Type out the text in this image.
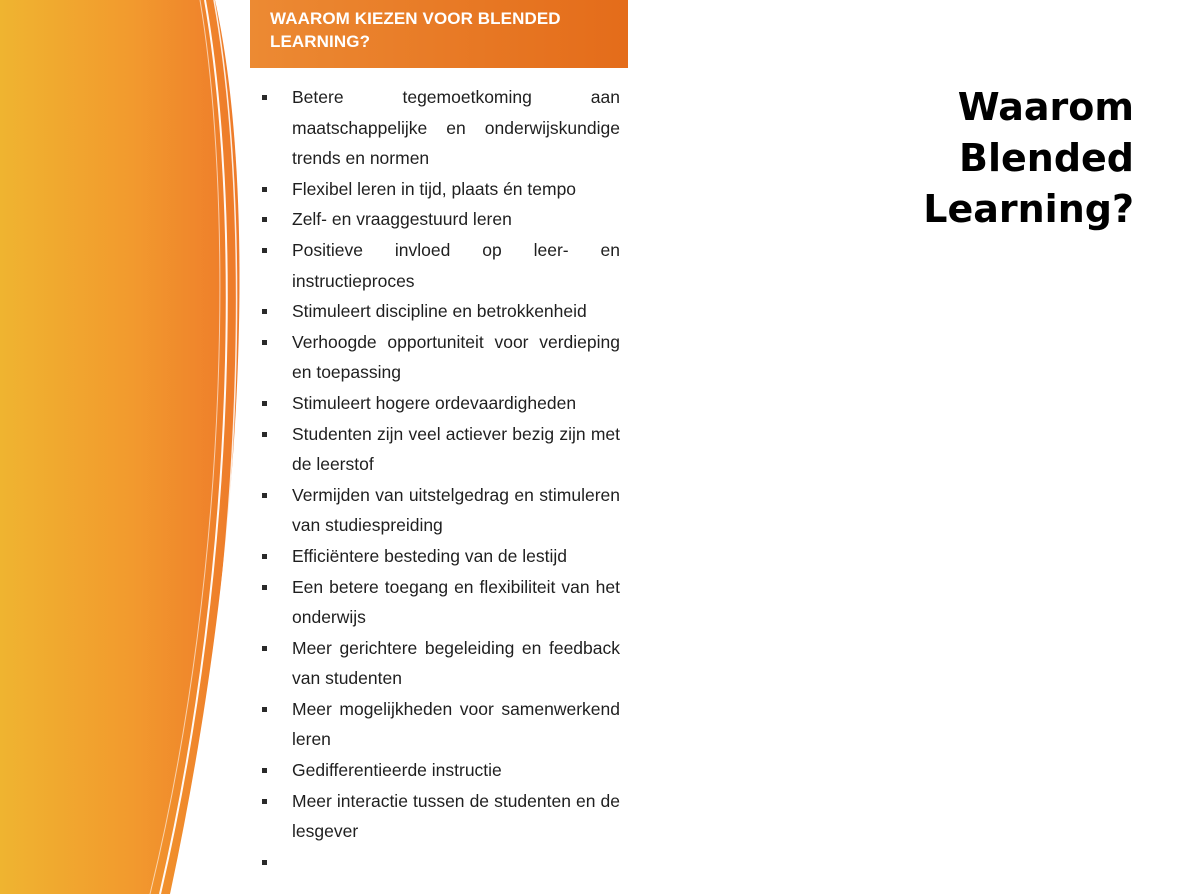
WAAROM KIEZEN VOOR BLENDED LEARNING?
Betere tegemoetkoming aan maatschappelijke en onderwijskundige trends en normen
Flexibel leren in tijd, plaats én tempo
Zelf- en vraaggestuurd leren
Positieve invloed op leer- en instructieproces
Stimuleert discipline en betrokkenheid
Verhoogde opportuniteit voor verdieping en toepassing
Stimuleert hogere ordevaardigheden
Studenten zijn veel actiever bezig zijn met de leerstof
Vermijden van uitstelgedrag en stimuleren van studiespreiding
Efficiëntere besteding van de lestijd
Een betere toegang en flexibiliteit van het onderwijs
Meer gerichtere begeleiding en feedback van studenten
Meer mogelijkheden voor samenwerkend leren
Gedifferentieerde instructie
Meer interactie tussen de studenten en de lesgever
Waarom
Blended
Learning?
